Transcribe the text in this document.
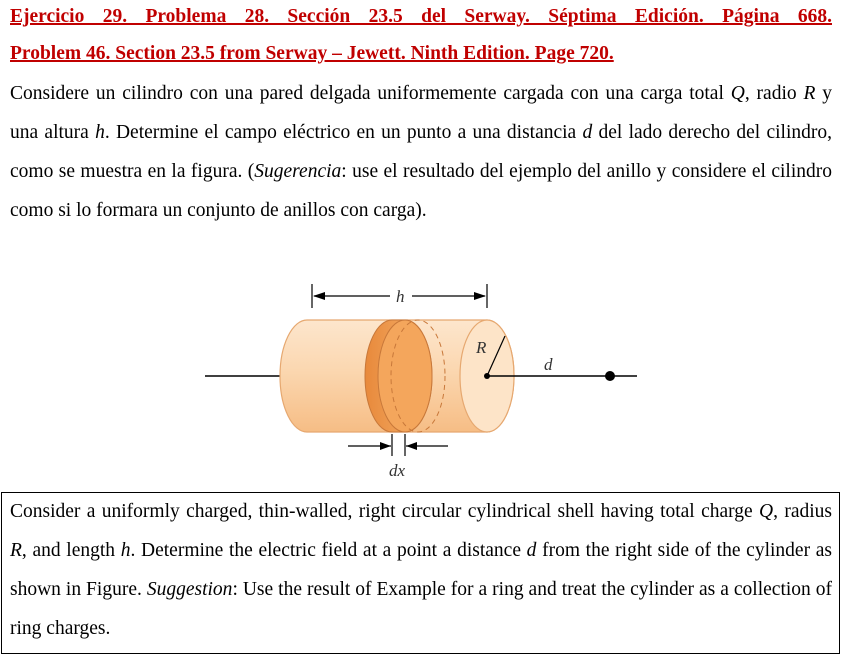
Ejercicio 29. Problema 28. Sección 23.5 del Serway. Séptima Edición. Página 668.
Problem 46. Section 23.5 from Serway – Jewett. Ninth Edition. Page 720.
Considere un cilindro con una pared delgada uniformemente cargada con una carga total Q, radio R y una altura h. Determine el campo eléctrico en un punto a una distancia d del lado derecho del cilindro, como se muestra en la figura. (Sugerencia: use el resultado del ejemplo del anillo y considere el cilindro como si lo formara un conjunto de anillos con carga).
R
d
h
dx
Consider a uniformly charged, thin-walled, right circular cylindrical shell having total charge Q, radius R, and length h. Determine the electric field at a point a distance d from the right side of the cylinder as shown in Figure. Suggestion: Use the result of Example for a ring and treat the cylinder as a collection of ring charges.
